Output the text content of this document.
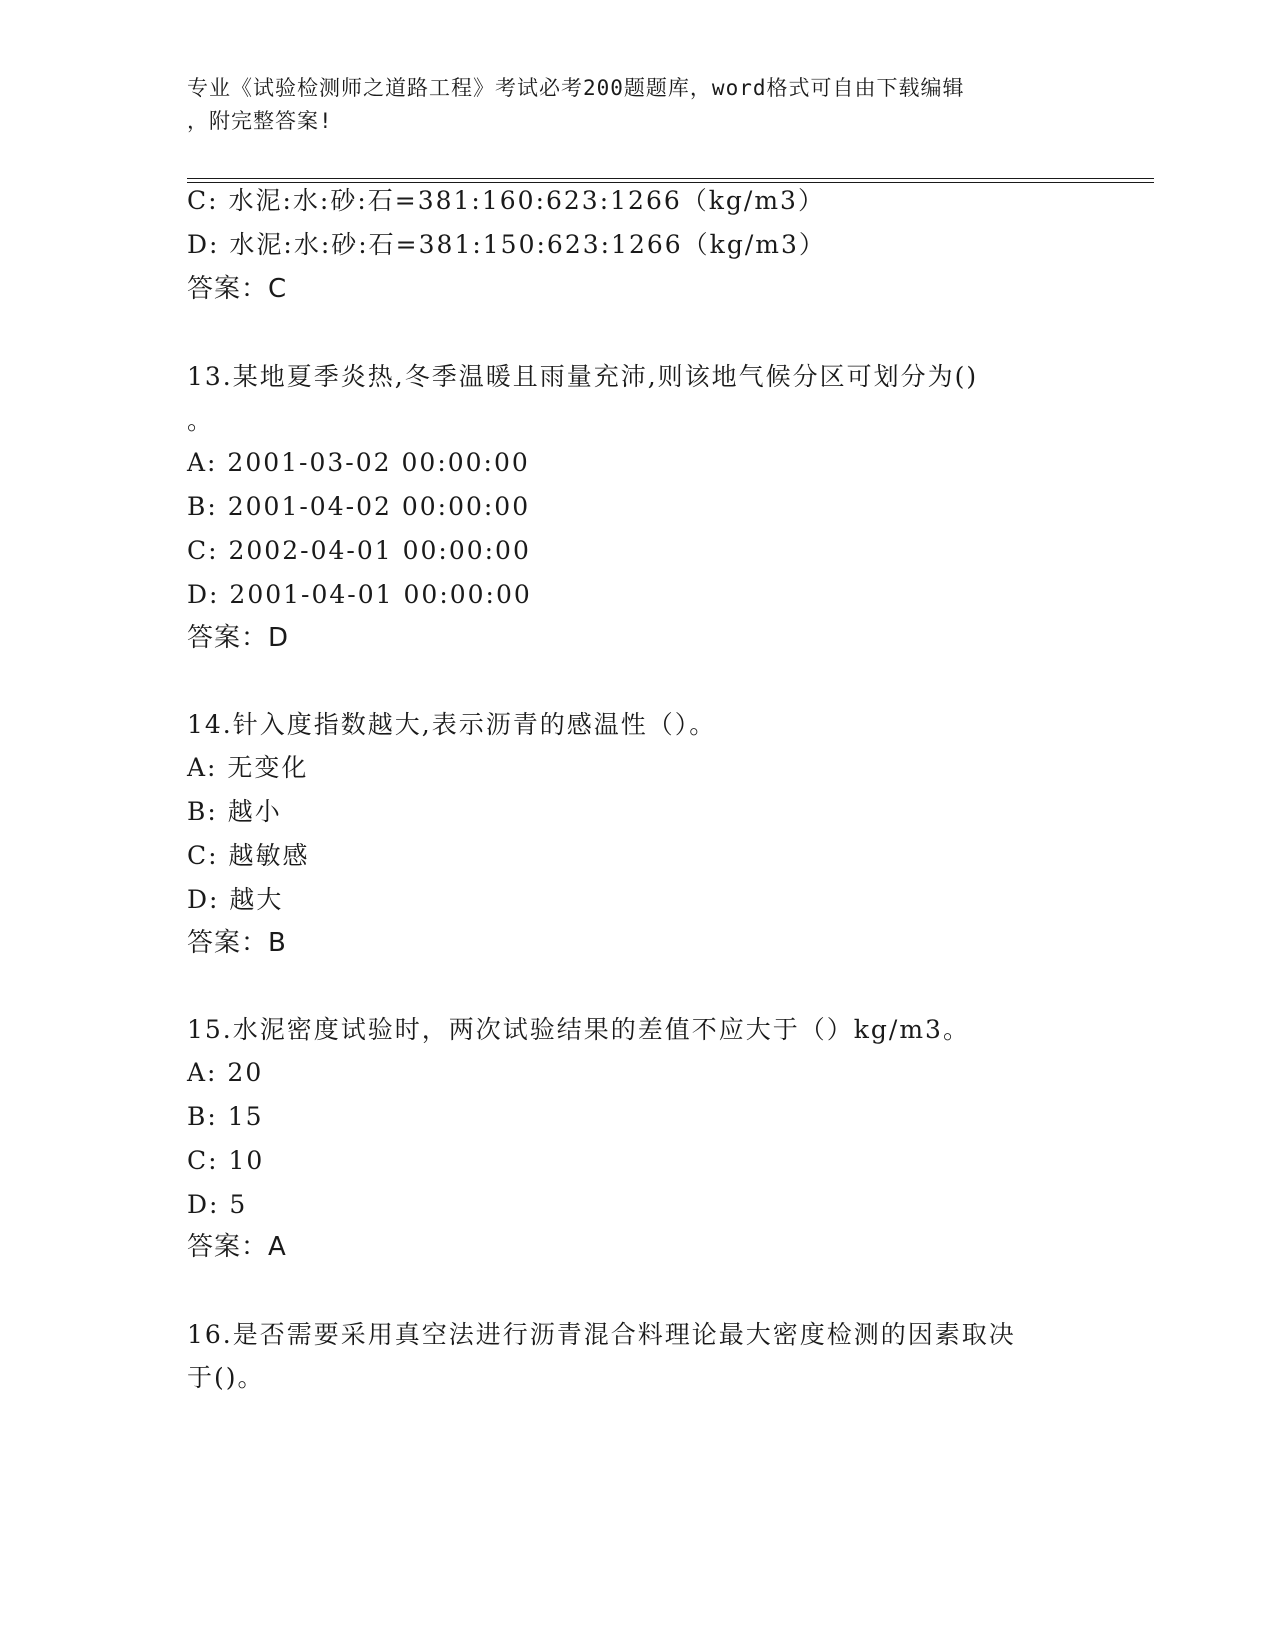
专业《试验检测师之道路工程》考试必考200题题库，word格式可自由下载编辑
，附完整答案!
C: 水泥:水:砂:石=381:160:623:1266（kg/m3）
D: 水泥:水:砂:石=381:150:623:1266（kg/m3）
答案：C
13.某地夏季炎热,冬季温暖且雨量充沛,则该地气候分区可划分为()
。
A: 2001-03-02 00:00:00
B: 2001-04-02 00:00:00
C: 2002-04-01 00:00:00
D: 2001-04-01 00:00:00
答案：D
14.针入度指数越大,表示沥青的感温性（）。
A: 无变化
B: 越小
C: 越敏感
D: 越大
答案：B
15.水泥密度试验时，两次试验结果的差值不应大于（）kg/m3。
A: 20
B: 15
C: 10
D: 5
答案：A
16.是否需要采用真空法进行沥青混合料理论最大密度检测的因素取决
于()。
